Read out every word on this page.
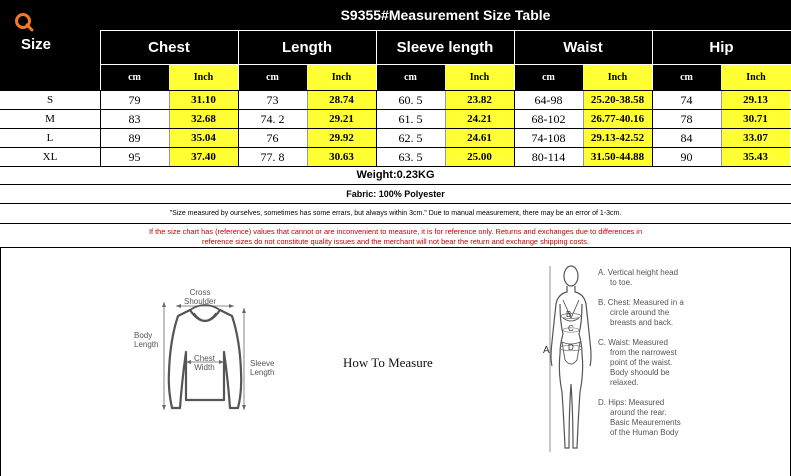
Size
S9355#Measurement Size Table
Chest
cm	Inch
Length
cm	Inch
Sleeve length
cm	Inch
Waist
cm	Inch
Hip
cm	Inch
S	79	31.10	73	28.74	60. 5	23.82	64-98	25.20-38.58	74	29.13
M	83	32.68	74. 2	29.21	61. 5	24.21	68-102	26.77-40.16	78	30.71
L	89	35.04	76	29.92	62. 5	24.61	74-108	29.13-42.52	84	33.07
XL	95	37.40	77. 8	30.63	63. 5	25.00	80-114	31.50-44.88	90	35.43
Weight:0.23KG
Fabric: 100% Polyester
"Size measured by ourselves, sometimes has some errars, but always within 3cm." Due to manual measurement, there may be an error of 1-3cm.
If the size chart has (reference) values that cannot or are inconvenient to measure, it is for reference only. Returns and exchanges due to differences in
reference sizes do not constitute quality issues and the merchant will not bear the return and exchange shipping costs.
Cross
Shoulder
Body
Length
Chest
Width	Sleeve
Length
How To Measure
A
B
C
D
A. Vertical height head
to toe.
B. Chest: Measured in a
circle around the
breasts and back.
C. Waist: Measured
from the narrowest
point of the waist.
Body shoould be
relaxed.
D. Hips: Measured
around the rear.
Basic Meaurements
of the Human Body
